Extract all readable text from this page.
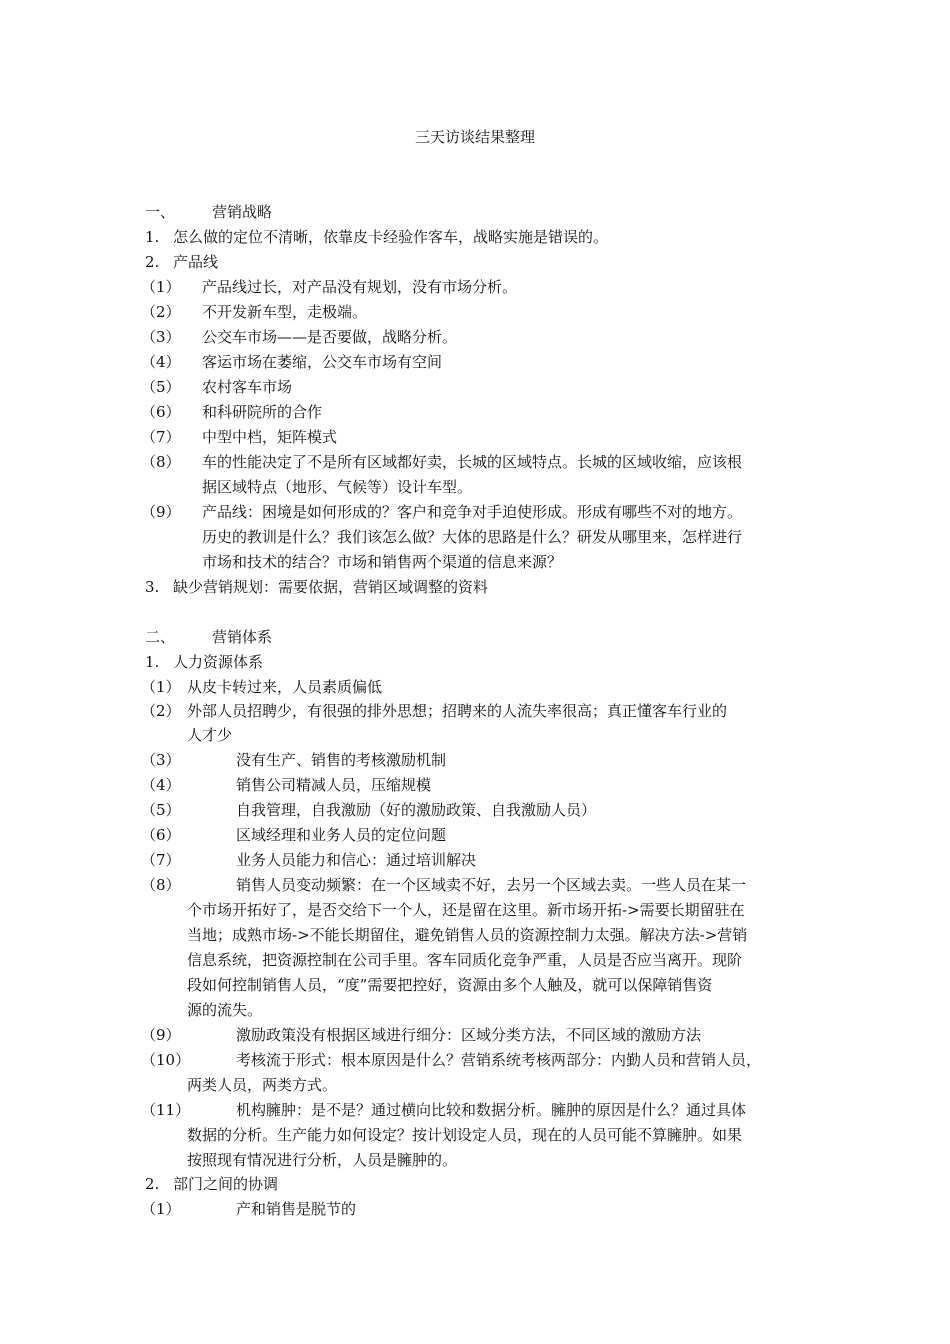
三天访谈结果整理
一、 营销战略
1. 怎么做的定位不清晰，依靠皮卡经验作客车，战略实施是错误的。
2. 产品线
（1） 产品线过长，对产品没有规划，没有市场分析。
（2） 不开发新车型，走极端。
（3） 公交车市场——是否要做，战略分析。
（4） 客运市场在萎缩，公交车市场有空间
（5） 农村客车市场
（6） 和科研院所的合作
（7） 中型中档，矩阵模式
（8） 车的性能决定了不是所有区域都好卖，长城的区域特点。长城的区域收缩，应该根
据区域特点（地形、气候等）设计车型。
（9） 产品线：困境是如何形成的？客户和竞争对手迫使形成。形成有哪些不对的地方。
历史的教训是什么？我们该怎么做？大体的思路是什么？研发从哪里来，怎样进行
市场和技术的结合？市场和销售两个渠道的信息来源？
3. 缺少营销规划：需要依据，营销区域调整的资料
二、 营销体系
1. 人力资源体系
（1） 从皮卡转过来，人员素质偏低
（2） 外部人员招聘少，有很强的排外思想；招聘来的人流失率很高；真正懂客车行业的
人才少
（3）	没有生产、销售的考核激励机制
（4）	销售公司精减人员，压缩规模
（5）	自我管理，自我激励（好的激励政策、自我激励人员）
（6）	区域经理和业务人员的定位问题
（7）	业务人员能力和信心：通过培训解决
（8）	销售人员变动频繁：在一个区域卖不好，去另一个区域去卖。一些人员在某一
个市场开拓好了，是否交给下一个人，还是留在这里。新市场开拓->需要长期留驻在
当地；成熟市场->不能长期留住，避免销售人员的资源控制力太强。解决方法->营销
信息系统，把资源控制在公司手里。客车同质化竞争严重，人员是否应当离开。现阶
段如何控制销售人员，“度”需要把控好，资源由多个人触及，就可以保障销售资
源的流失。
（9）	激励政策没有根据区域进行细分：区域分类方法，不同区域的激励方法
（10）	考核流于形式：根本原因是什么？营销系统考核两部分：内勤人员和营销人员，
两类人员，两类方式。
（11）	机构臃肿：是不是？通过横向比较和数据分析。臃肿的原因是什么？通过具体
数据的分析。生产能力如何设定？按计划设定人员，现在的人员可能不算臃肿。如果
按照现有情况进行分析，人员是臃肿的。
2. 部门之间的协调
（1）	产和销售是脱节的
